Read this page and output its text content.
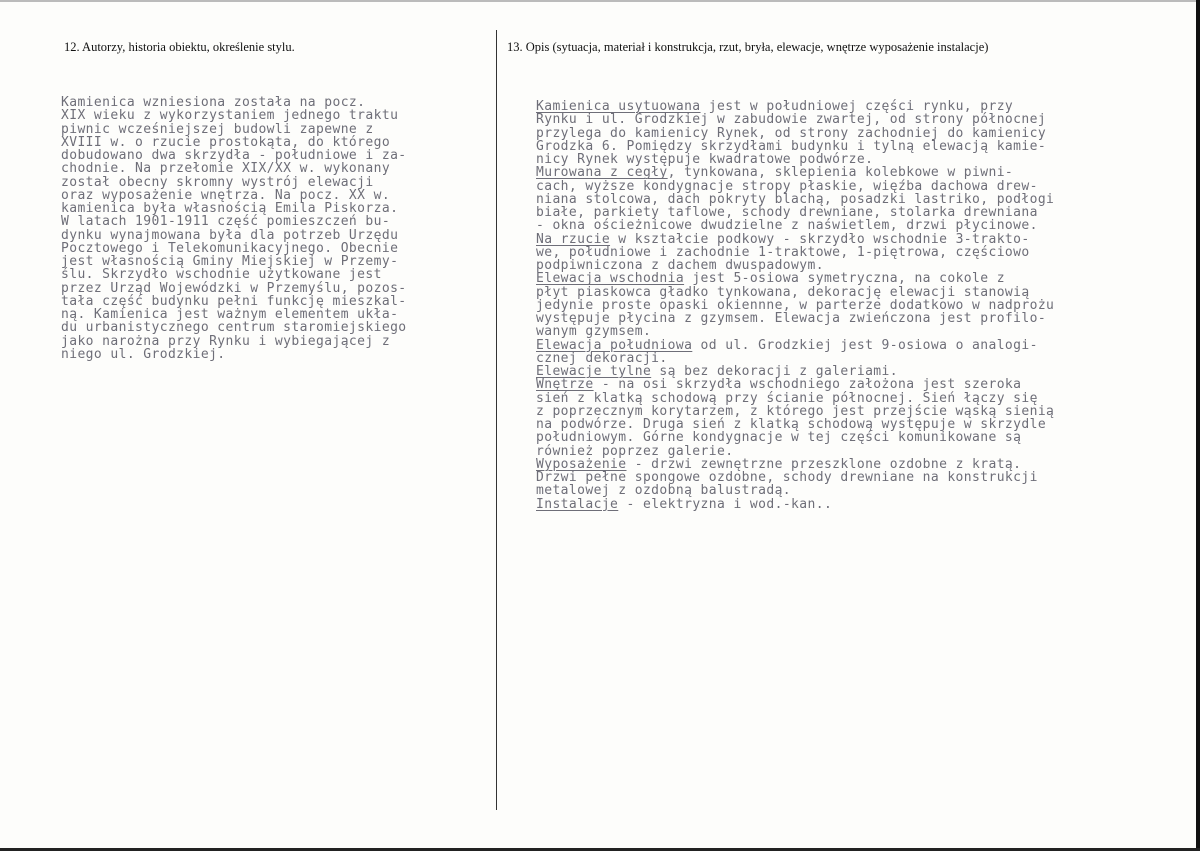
12. Autorzy, historia obiektu, określenie stylu.	13. Opis (sytuacja, materiał i konstrukcja, rzut, bryła, elewacje, wnętrze wyposażenie instalacje)
Kamienica wzniesiona została na pocz.
XIX wieku z wykorzystaniem jednego traktu
piwnic wcześniejszej budowli zapewne z
XVIII w. o rzucie prostokąta, do którego
dobudowano dwa skrzydła - południowe i za-
chodnie. Na przełomie XIX/XX w. wykonany
został obecny skromny wystrój elewacji
oraz wyposażenie wnętrza. Na pocz. XX w.
kamienica była własnością Emila Piskorza.
W latach 1901-1911 część pomieszczeń bu-
dynku wynajmowana była dla potrzeb Urzędu
Pocztowego i Telekomunikacyjnego. Obecnie
jest własnością Gminy Miejskiej w Przemy-
ślu. Skrzydło wschodnie użytkowane jest
przez Urząd Wojewódzki w Przemyślu, pozos-
tała część budynku pełni funkcję mieszkal-
ną. Kamienica jest ważnym elementem ukła-
du urbanistycznego centrum staromiejskiego
jako narożna przy Rynku i wybiegającej z
niego ul. Grodzkiej.
Kamienica usytuowana jest w południowej części rynku, przy
Rynku i ul. Grodzkiej w zabudowie zwartej, od strony północnej
przylega do kamienicy Rynek, od strony zachodniej do kamienicy
Grodzka 6. Pomiędzy skrzydłami budynku i tylną elewacją kamie-
nicy Rynek występuje kwadratowe podwórze.
Murowana z cegły, tynkowana, sklepienia kolebkowe w piwni-
cach, wyższe kondygnacje stropy płaskie, więźba dachowa drew-
niana stolcowa, dach pokryty blachą, posadzki lastriko, podłogi
białe, parkiety taflowe, schody drewniane, stolarka drewniana
- okna ościeżnicowe dwudzielne z naświetlem, drzwi płycinowe.
Na rzucie w kształcie podkowy - skrzydło wschodnie 3-trakto-
we, południowe i zachodnie 1-traktowe, 1-piętrowa, częściowo
podpiwniczona z dachem dwuspadowym.
Elewacja wschodnia jest 5-osiowa symetryczna, na cokole z
płyt piaskowca gładko tynkowana, dekorację elewacji stanowią
jedynie proste opaski okiennne, w parterze dodatkowo w nadprożu
występuje płycina z gzymsem. Elewacja zwieńczona jest profilo-
wanym gzymsem.
Elewacja południowa od ul. Grodzkiej jest 9-osiowa o analogi-
cznej dekoracji.
Elewacje tylne są bez dekoracji z galeriami.
Wnętrze - na osi skrzydła wschodniego założona jest szeroka
sień z klatką schodową przy ścianie północnej. Sień łączy się
z poprzecznym korytarzem, z którego jest przejście wąską sienią
na podwórze. Druga sień z klatką schodową występuje w skrzydle
południowym. Górne kondygnacje w tej części komunikowane są
również poprzez galerie.
Wyposażenie - drzwi zewnętrzne przeszklone ozdobne z kratą.
Drzwi pełne spongowe ozdobne, schody drewniane na konstrukcji
metalowej z ozdobną balustradą.
Instalacje - elektryzna i wod.-kan..
